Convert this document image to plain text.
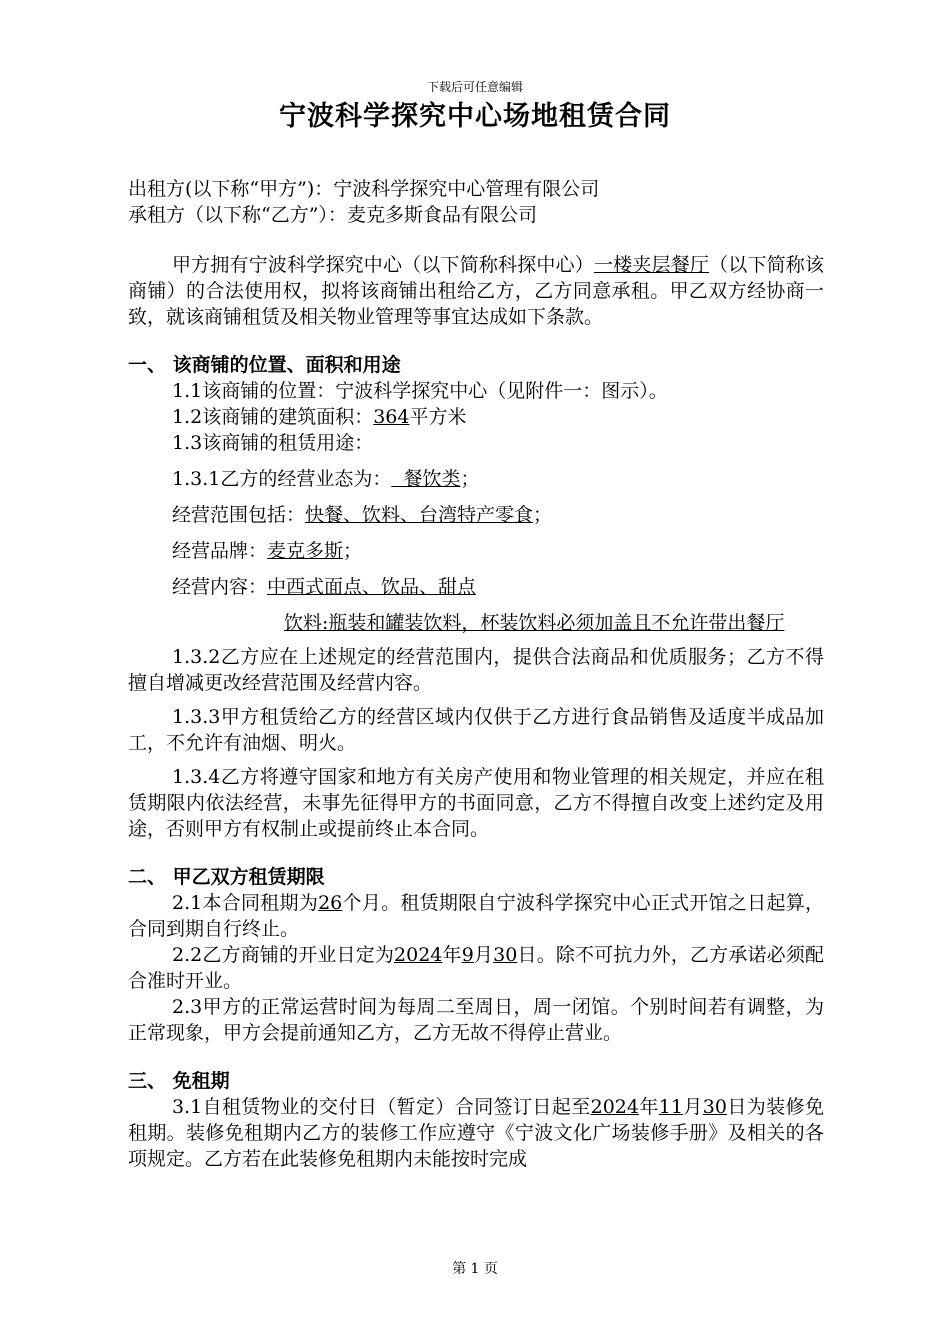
下载后可任意编辑
宁波科学探究中心场地租赁合同
出租方(以下称“甲方”)：宁波科学探究中心管理有限公司
承租方（以下称“乙方”）：麦克多斯食品有限公司

甲方拥有宁波科学探究中心（以下简称科探中心）一楼夹层餐厅（以下简称该商铺）的合法使用权，拟将该商铺出租给乙方，乙方同意承租。甲乙双方经协商一致，就该商铺租赁及相关物业管理等事宜达成如下条款。

一、 该商铺的位置、面积和用途
1.1该商铺的位置：宁波科学探究中心（见附件一：图示）。
1.2该商铺的建筑面积：364平方米
1.3该商铺的租赁用途：
1.3.1乙方的经营业态为：  餐饮类；
经营范围包括：快餐、饮料、台湾特产零食；
经营品牌：麦克多斯；
经营内容：中西式面点、饮品、甜点

饮料:瓶装和罐装饮料，杯装饮料必须加盖且不允许带出餐厅

1.3.2乙方应在上述规定的经营范围内，提供合法商品和优质服务；乙方不得擅自增减更改经营范围及经营内容。

1.3.3甲方租赁给乙方的经营区域内仅供于乙方进行食品销售及适度半成品加工，不允许有油烟、明火。

1.3.4乙方将遵守国家和地方有关房产使用和物业管理的相关规定，并应在租赁期限内依法经营，未事先征得甲方的书面同意，乙方不得擅自改变上述约定及用途，否则甲方有权制止或提前终止本合同。

二、 甲乙双方租赁期限

2.1本合同租期为26个月。租赁期限自宁波科学探究中心正式开馆之日起算，合同到期自行终止。

2.2乙方商铺的开业日定为2024年9月30日。除不可抗力外，乙方承诺必须配合准时开业。

2.3甲方的正常运营时间为每周二至周日，周一闭馆。个别时间若有调整，为正常现象，甲方会提前通知乙方，乙方无故不得停止营业。

三、 免租期

3.1自租赁物业的交付日（暂定）合同签订日起至2024年11月30日为装修免租期。装修免租期内乙方的装修工作应遵守《宁波文化广场装修手册》及相关的各项规定。乙方若在此装修免租期内未能按时完成

第 1 页
